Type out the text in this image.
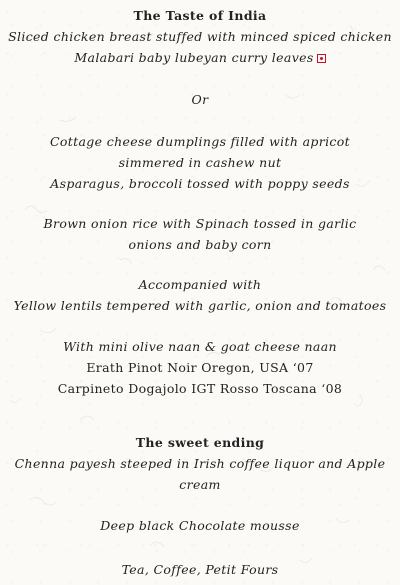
The Taste of India
Sliced chicken breast stuffed with minced spiced chicken
Malabari baby lubeyan curry leaves
Or
Cottage cheese dumplings filled with apricot
simmered in cashew nut
Asparagus, broccoli tossed with poppy seeds
Brown onion rice with Spinach tossed in garlic
onions and baby corn
Accompanied with
Yellow lentils tempered with garlic, onion and tomatoes
With mini olive naan & goat cheese naan
Erath Pinot Noir Oregon, USA ‘07
Carpineto Dogajolo IGT Rosso Toscana ‘08
The sweet ending
Chenna payesh steeped in Irish coffee liquor and Apple
cream
Deep black Chocolate mousse
Tea, Coffee, Petit Fours
